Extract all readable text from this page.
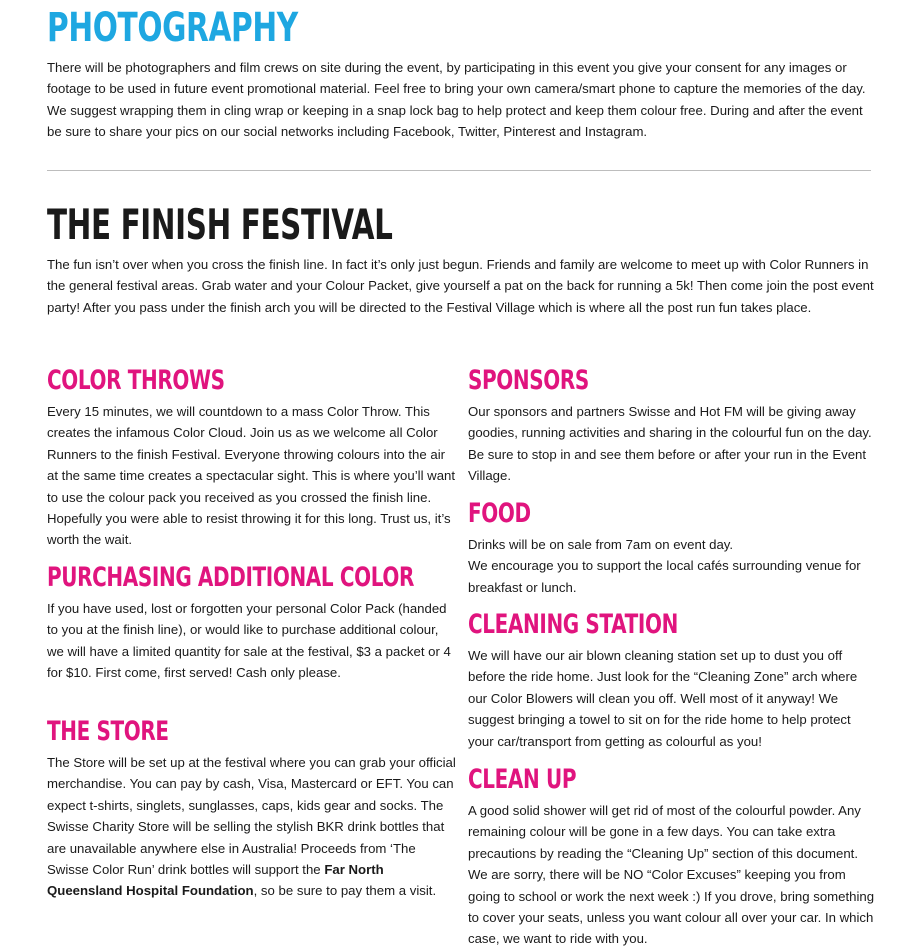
PHOTOGRAPHY

There will be photographers and film crews on site during the event, by participating in this event you give your consent for any images or footage to be used in future event promotional material. Feel free to bring your own camera/smart phone to capture the memories of the day. We suggest wrapping them in cling wrap or keeping in a snap lock bag to help protect and keep them colour free. During and after the event be sure to share your pics on our social networks including Facebook, Twitter, Pinterest and Instagram.

THE FINISH FESTIVAL

The fun isn’t over when you cross the finish line. In fact it’s only just begun. Friends and family are welcome to meet up with Color Runners in the general festival areas. Grab water and your Colour Packet, give yourself a pat on the back for running a 5k! Then come join the post event party! After you pass under the finish arch you will be directed to the Festival Village which is where all the post run fun takes place.

COLOR THROWS

Every 15 minutes, we will countdown to a mass Color Throw. This creates the infamous Color Cloud. Join us as we welcome all Color Runners to the finish Festival. Everyone throwing colours into the air at the same time creates a spectacular sight. This is where you’ll want to use the colour pack you received as you crossed the finish line. Hopefully you were able to resist throwing it for this long. Trust us, it’s worth the wait.

PURCHASING ADDITIONAL COLOR

If you have used, lost or forgotten your personal Color Pack (handed to you at the finish line), or would like to purchase additional colour, we will have a limited quantity for sale at the festival, $3 a packet or 4 for $10. First come, first served! Cash only please.

THE STORE

The Store will be set up at the festival where you can grab your official merchandise. You can pay by cash, Visa, Mastercard or EFT. You can expect t-shirts, singlets, sunglasses, caps, kids gear and socks. The Swisse Charity Store will be selling the stylish BKR drink bottles that are unavailable anywhere else in Australia! Proceeds from ‘The Swisse Color Run’ drink bottles will support the Far North Queensland Hospital Foundation, so be sure to pay them a visit.

SPONSORS

Our sponsors and partners Swisse and Hot FM will be giving away goodies, running activities and sharing in the colourful fun on the day. Be sure to stop in and see them before or after your run in the Event Village.

FOOD

Drinks will be on sale from 7am on event day.
We encourage you to support the local cafés surrounding venue for breakfast or lunch.

CLEANING STATION

We will have our air blown cleaning station set up to dust you off before the ride home. Just look for the “Cleaning Zone” arch where our Color Blowers will clean you off. Well most of it anyway! We suggest bringing a towel to sit on for the ride home to help protect your car/transport from getting as colourful as you!

CLEAN UP

A good solid shower will get rid of most of the colourful powder. Any remaining colour will be gone in a few days. You can take extra precautions by reading the “Cleaning Up” section of this document. We are sorry, there will be NO “Color Excuses” keeping you from going to school or work the next week :) If you drove, bring something to cover your seats, unless you want colour all over your car. In which case, we want to ride with you.
